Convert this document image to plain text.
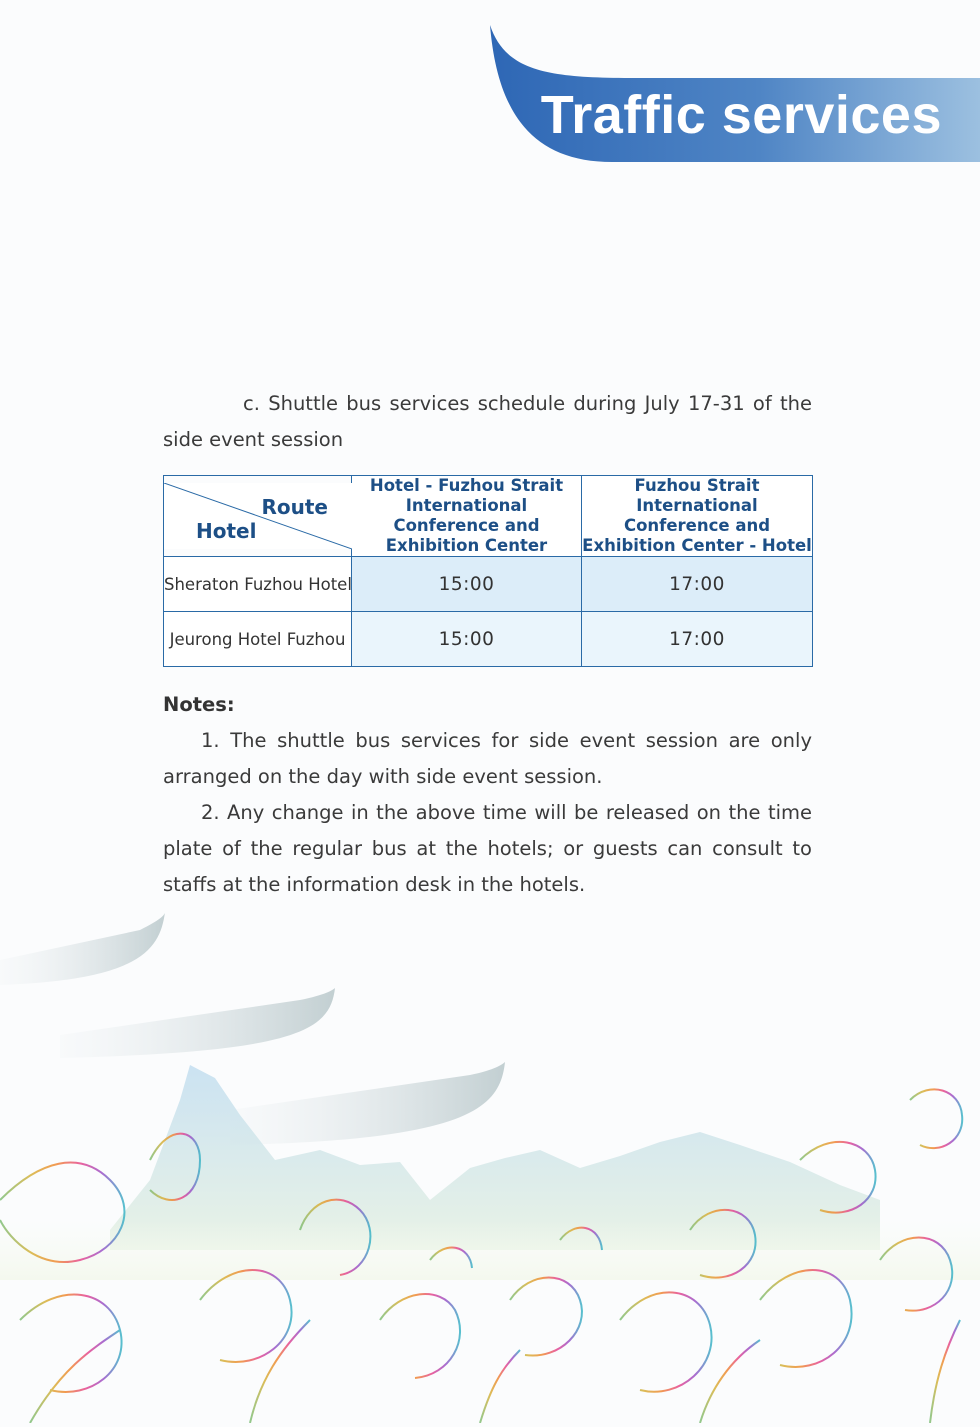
Traffic services

c. Shuttle bus services schedule during July 17-31 of the side event session

Route
Hotel	Hotel - Fuzhou Strait International Conference and Exhibition Center	Fuzhou Strait International Conference and Exhibition Center - Hotel
Sheraton Fuzhou Hotel	15:00	17:00
Jeurong Hotel Fuzhou	15:00	17:00

Notes:

1. The shuttle bus services for side event session are only arranged on the day with side event session.

2. Any change in the above time will be released on the time plate of the regular bus at the hotels; or guests can consult to staffs at the information desk in the hotels.
